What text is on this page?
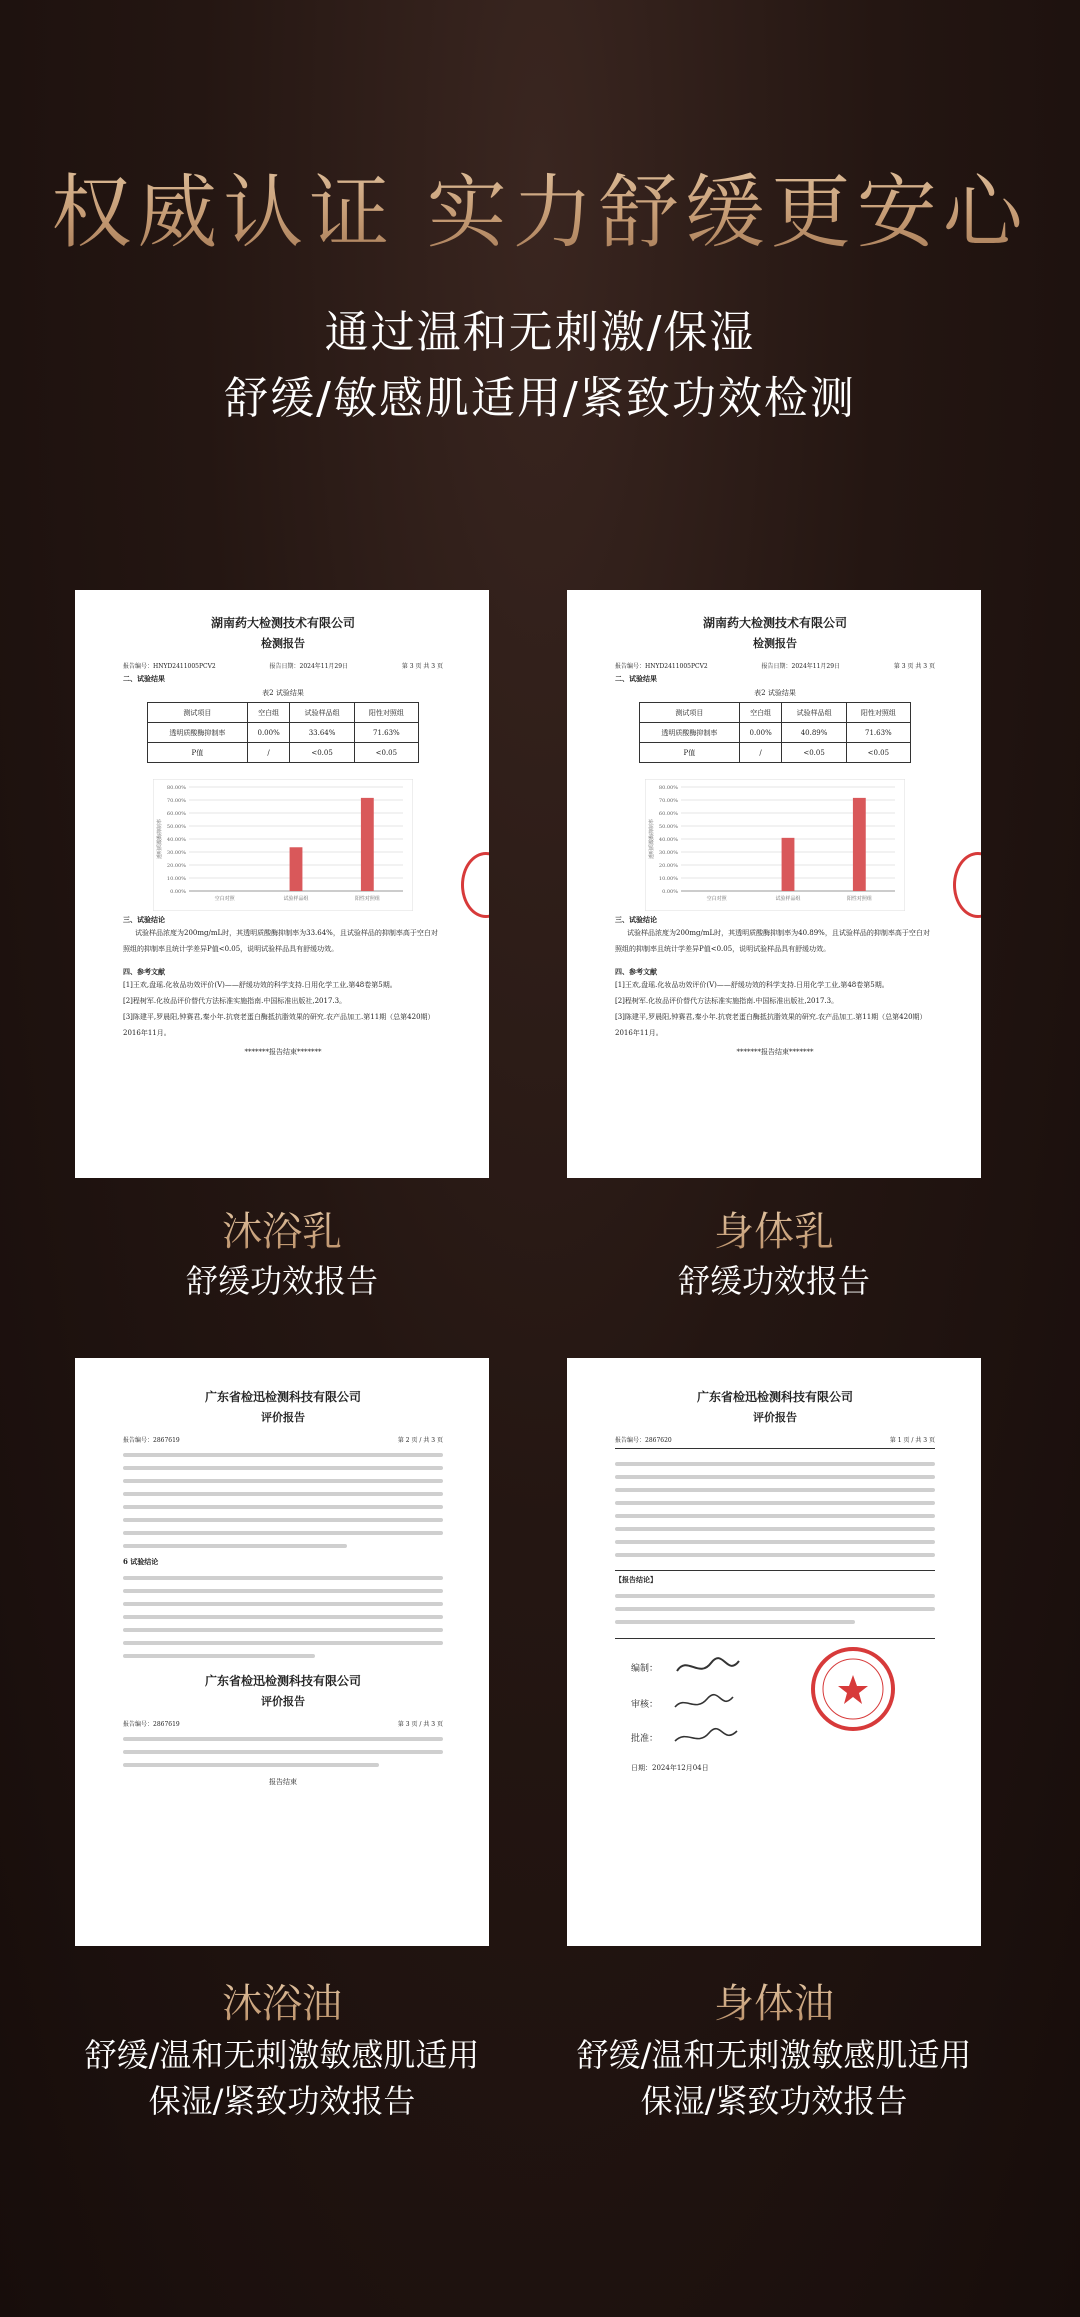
权威认证 实力舒缓更安心
通过温和无刺激/保湿
舒缓/敏感肌适用/紧致功效检测
湖南药大检测技术有限公司
检测报告
报告编号：HNYD2411005PCV2	报告日期：2024年11月29日	第 3 页 共 3 页
二、试验结果
表2 试验结果
测试项目	空白组	试验样品组	阳性对照组
透明质酸酶抑制率	0.00%	33.64%	71.63%
P值	/	<0.05	<0.05
0.00%
10.00%
20.00%
30.00%
40.00%
50.00%
60.00%
70.00%
80.00%
透明质酸酶抑制率
空白对照	试验样品组	阳性对照组
三、试验结论
试验样品浓度为200mg/mL时，其透明质酸酶抑制率为33.64%，且试验样品的抑制率高于空白对照组的抑制率且统计学差异P值<0.05，说明试验样品具有舒缓功效。
四、参考文献
[1]王欢,盘瑶.化妆品功效评价(V)——舒缓功效的科学支持.日用化学工业,第48卷第5期。
[2]程树军.化妆品评价替代方法标准实施指南.中国标准出版社,2017.3。
[3]陈建平,罗晨阳,钟赛君,秦小年.抗衰老蛋白酶抵抗脂效果的研究.农产品加工.第11期（总第420期）2016年11月。
*******报告结束*******
湖南药大检测技术有限公司
检测报告
报告编号：HNYD2411005PCV2	报告日期：2024年11月29日	第 3 页 共 3 页
二、试验结果
表2 试验结果
测试项目	空白组	试验样品组	阳性对照组
透明质酸酶抑制率	0.00%	40.89%	71.63%
P值	/	<0.05	<0.05
0.00%
10.00%
20.00%
30.00%
40.00%
50.00%
60.00%
70.00%
80.00%
透明质酸酶抑制率
空白对照	试验样品组	阳性对照组
三、试验结论
试验样品浓度为200mg/mL时，其透明质酸酶抑制率为40.89%，且试验样品的抑制率高于空白对照组的抑制率且统计学差异P值<0.05，说明试验样品具有舒缓功效。
四、参考文献
[1]王欢,盘瑶.化妆品功效评价(V)——舒缓功效的科学支持.日用化学工业,第48卷第5期。
[2]程树军.化妆品评价替代方法标准实施指南.中国标准出版社,2017.3。
[3]陈建平,罗晨阳,钟赛君,秦小年.抗衰老蛋白酶抵抗脂效果的研究.农产品加工.第11期（总第420期）2016年11月。
*******报告结束*******
沐浴乳
舒缓功效报告
身体乳
舒缓功效报告
广东省检迅检测科技有限公司
评价报告
报告编号：2867619	第 2 页 / 共 3 页
6 试验结论
广东省检迅检测科技有限公司
评价报告
报告编号：2867619	第 3 页 / 共 3 页
报告结束
广东省检迅检测科技有限公司
评价报告
报告编号：2867620	第 1 页 / 共 3 页
【报告结论】
编制：
审核：
批准：
日期：2024年12月04日
沐浴油
舒缓/温和无刺激敏感肌适用
保湿/紧致功效报告
身体油
舒缓/温和无刺激敏感肌适用
保湿/紧致功效报告
